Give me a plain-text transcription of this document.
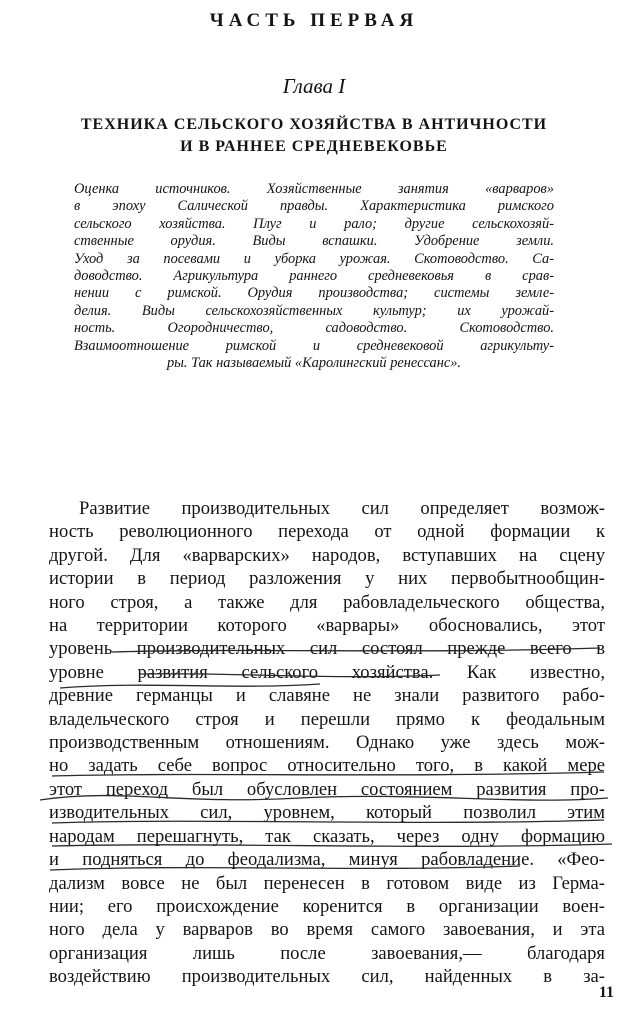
ЧАСТЬ ПЕРВАЯ
Глава I
ТЕХНИКА СЕЛЬСКОГО ХОЗЯЙСТВА В АНТИЧНОСТИ
И В РАННЕЕ СРЕДНЕВЕКОВЬЕ
Оценка источников. Хозяйственные занятия «варваров»
в эпоху Салической правды. Характеристика римского
сельского хозяйства. Плуг и рало; другие сельскохозяй-
ственные орудия. Виды вспашки. Удобрение земли.
Уход за посевами и уборка урожая. Скотоводство. Са-
доводство. Агрикультура раннего средневековья в срав-
нении с римской. Орудия производства; системы земле-
делия. Виды сельскохозяйственных культур; их урожай-
ность. Огородничество, садоводство. Скотоводство.
Взаимоотношение римской и средневековой агрикульту-
ры. Так называемый «Каролингский ренессанс».
Развитие производительных сил определяет возмож-
ность революционного перехода от одной формации к
другой. Для «варварских» народов, вступавших на сцену
истории в период разложения у них первобытнообщин-
ного строя, а также для рабовладельческого общества,
на территории которого «варвары» обосновались, этот
уровень производительных сил состоял прежде всего в
уровне развития сельского хозяйства. Как известно,
древние германцы и славяне не знали развитого рабо-
владельческого строя и перешли прямо к феодальным
производственным отношениям. Однако уже здесь мож-
но задать себе вопрос относительно того, в какой мере
этот переход был обусловлен состоянием развития про-
изводительных сил, уровнем, который позволил этим
народам перешагнуть, так сказать, через одну формацию
и подняться до феодализма, минуя рабовладение. «Фео-
дализм вовсе не был перенесен в готовом виде из Герма-
нии; его происхождение коренится в организации воен-
ного дела у варваров во время самого завоевания, и эта
организация лишь после завоевания,— благодаря
воздействию производительных сил, найденных в за-
11
